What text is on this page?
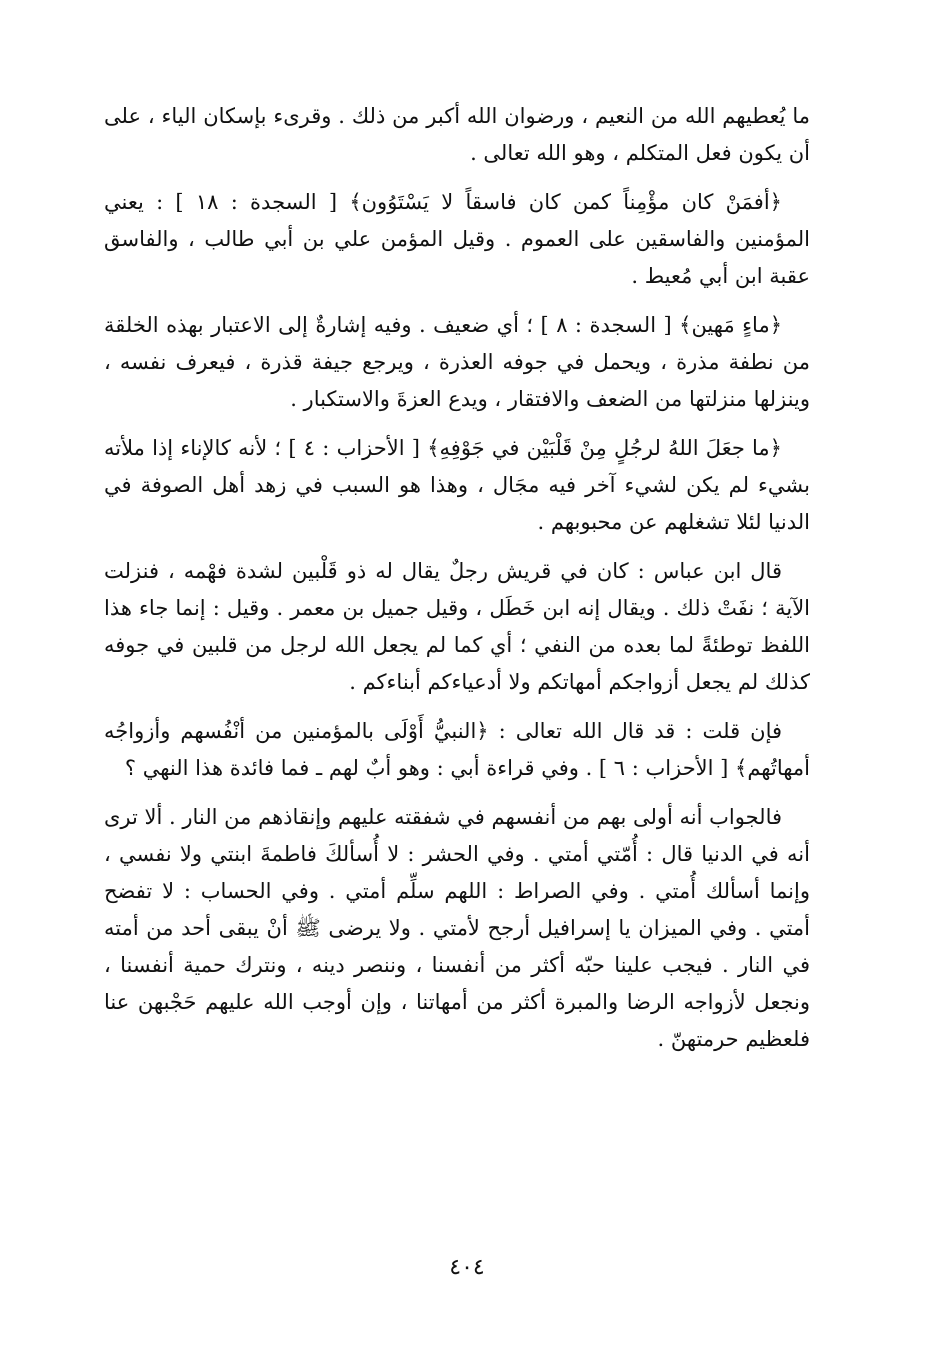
ما يُعطيهم الله من النعيم ، ورضوان الله أكبر من ذلك . وقرىء بإسكان الياء ، على أن يكون فعل المتكلم ، وهو الله تعالى .

﴿أفمَنْ كان مؤْمِناً كمن كان فاسقاً لا يَسْتَوُون﴾ [ السجدة : ١٨ ] : يعني المؤمنين والفاسقين على العموم . وقيل المؤمن علي بن أبي طالب ، والفاسق عقبة ابن أبي مُعيط .

﴿ماءٍ مَهين﴾ [ السجدة : ٨ ] ؛ أي ضعيف . وفيه إشارةٌ إلى الاعتبار بهذه الخلقة من نطفة مذرة ، ويحمل في جوفه العذرة ، ويرجع جيفة قذرة ، فيعرف نفسه ، وينزلها منزلتها من الضعف والافتقار ، ويدع العزةَ والاستكبار .

﴿ما جعَلَ اللهُ لرجُلٍ مِنْ قَلْبَيْن في جَوْفِهِ﴾ [ الأحزاب : ٤ ] ؛ لأنه كالإناء إذا ملأته بشيء لم يكن لشيء آخر فيه مجَال ، وهذا هو السبب في زهد أهل الصوفة في الدنيا لئلا تشغلهم عن محبوبهم .

قال ابن عباس : كان في قريش رجلٌ يقال له ذو قَلْبين لشدة فهْمه ، فنزلت الآية ؛ نفَتْ ذلك . ويقال إنه ابن خَطَل ، وقيل جميل بن معمر . وقيل : إنما جاء هذا اللفظ توطئةً لما بعده من النفي ؛ أي كما لم يجعل الله لرجل من قلبين في جوفه كذلك لم يجعل أزواجكم أمهاتكم ولا أدعياءكم أبناءكم .

فإن قلت : قد قال الله تعالى : ﴿النبيُّ أَوْلَى بالمؤمنين من أنْفُسهم وأزواجُه أمهاتُهم﴾ [ الأحزاب : ٦ ] . وفي قراءة أبي : وهو أبٌ لهم ـ فما فائدة هذا النهي ؟

فالجواب أنه أولى بهم من أنفسهم في شفقته عليهم وإنقاذهم من النار . ألا ترى أنه في الدنيا قال : أُمّتي أمتي . وفي الحشر : لا أُسألكَ فاطمةَ ابنتي ولا نفسي ، وإنما أسألك أُمتي . وفي الصراط : اللهم سلِّم أمتي . وفي الحساب : لا تفضح أمتي . وفي الميزان يا إسرافيل أرجح لأمتي . ولا يرضى ﷺ أنْ يبقى أحد من أمته في النار . فيجب علينا حبّه أكثر من أنفسنا ، وننصر دينه ، ونترك حمية أنفسنا ، ونجعل لأزواجه الرضا والمبرة أكثر من أمهاتنا ، وإن أوجب الله عليهم حَجْبهن عنا فلعظيم حرمتهنّ .

٤٠٤
